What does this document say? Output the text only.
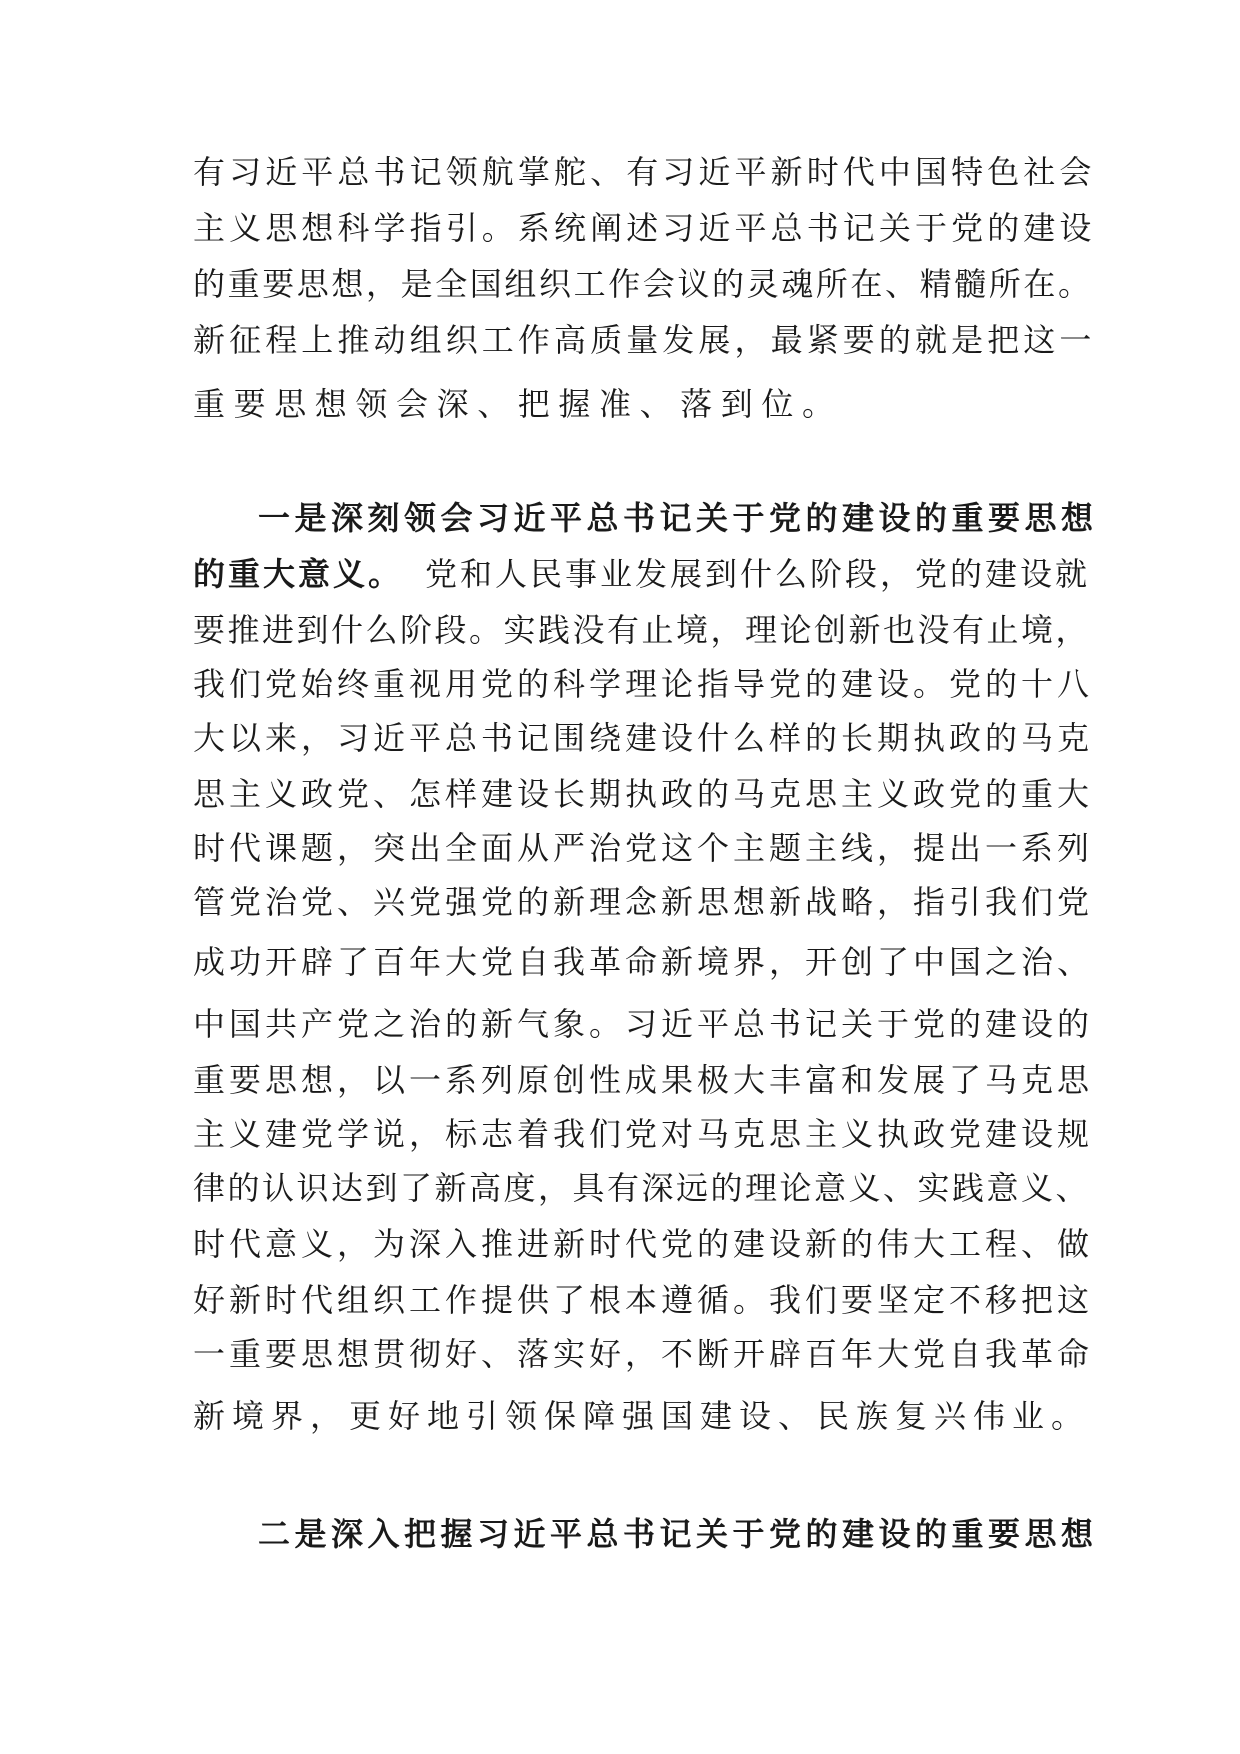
有习近平总书记领航掌舵、有习近平新时代中国特色社会
主义思想科学指引。系统阐述习近平总书记关于党的建设
的重要思想，是全国组织工作会议的灵魂所在、精髓所在。
新征程上推动组织工作高质量发展，最紧要的就是把这一
重要思想领会深、把握准、落到位。
一是深刻领会习近平总书记关于党的建设的重要思想
的重大意义。 党和人民事业发展到什么阶段，党的建设就
要推进到什么阶段。实践没有止境，理论创新也没有止境，
我们党始终重视用党的科学理论指导党的建设。党的十八
大以来，习近平总书记围绕建设什么样的长期执政的马克
思主义政党、怎样建设长期执政的马克思主义政党的重大
时代课题，突出全面从严治党这个主题主线，提出一系列
管党治党、兴党强党的新理念新思想新战略，指引我们党
成功开辟了百年大党自我革命新境界，开创了中国之治、
中国共产党之治的新气象。习近平总书记关于党的建设的
重要思想，以一系列原创性成果极大丰富和发展了马克思
主义建党学说，标志着我们党对马克思主义执政党建设规
律的认识达到了新高度，具有深远的理论意义、实践意义、
时代意义，为深入推进新时代党的建设新的伟大工程、做
好新时代组织工作提供了根本遵循。我们要坚定不移把这
一重要思想贯彻好、落实好，不断开辟百年大党自我革命
新境界，更好地引领保障强国建设、民族复兴伟业。
二是深入把握习近平总书记关于党的建设的重要思想
